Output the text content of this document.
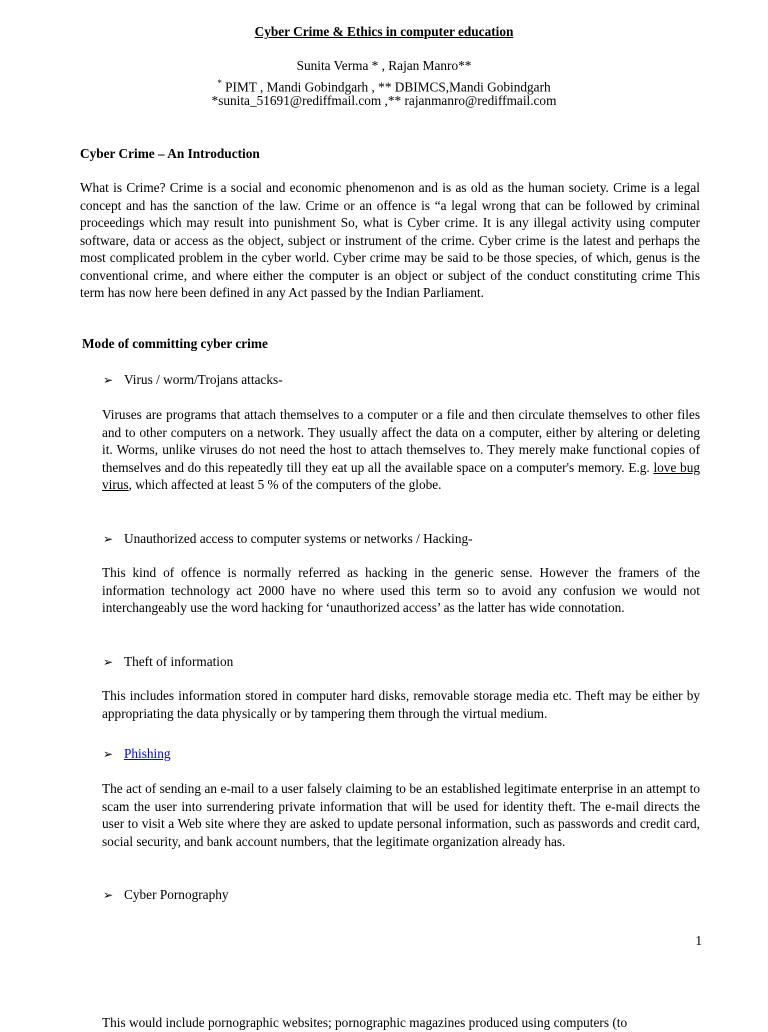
Cyber Crime & Ethics in computer education
Sunita Verma * , Rajan Manro**
* PIMT , Mandi Gobindgarh , ** DBIMCS,Mandi Gobindgarh
*sunita_51691@rediffmail.com ,** rajanmanro@rediffmail.com
Cyber Crime – An Introduction
What is Crime? Crime is a social and economic phenomenon and is as old as the human society. Crime is a legal concept and has the sanction of the law. Crime or an offence is “a legal wrong that can be followed by criminal proceedings which may result into punishment So, what is Cyber crime. It is any illegal activity using computer software, data or access as the object, subject or instrument of the crime. Cyber crime is the latest and perhaps the most complicated problem in the cyber world. Cyber crime may be said to be those species, of which, genus is the conventional crime, and where either the computer is an object or subject of the conduct constituting crime This term has now here been defined in any Act passed by the Indian Parliament.
Mode of committing cyber crime
➢ Virus / worm/Trojans attacks-
Viruses are programs that attach themselves to a computer or a file and then circulate themselves to other files and to other computers on a network. They usually affect the data on a computer, either by altering or deleting it. Worms, unlike viruses do not need the host to attach themselves to. They merely make functional copies of themselves and do this repeatedly till they eat up all the available space on a computer's memory. E.g. love bug virus, which affected at least 5 % of the computers of the globe.
➢ Unauthorized access to computer systems or networks / Hacking-
This kind of offence is normally referred as hacking in the generic sense. However the framers of the information technology act 2000 have no where used this term so to avoid any confusion we would not interchangeably use the word hacking for ‘unauthorized access’ as the latter has wide connotation.
➢ Theft of information
This includes information stored in computer hard disks, removable storage media etc. Theft may be either by appropriating the data physically or by tampering them through the virtual medium.
➢ Phishing
The act of sending an e-mail to a user falsely claiming to be an established legitimate enterprise in an attempt to scam the user into surrendering private information that will be used for identity theft. The e-mail directs the user to visit a Web site where they are asked to update personal information, such as passwords and credit card, social security, and bank account numbers, that the legitimate organization already has.
➢ Cyber Pornography
1
This would include pornographic websites; pornographic magazines produced using computers (to
